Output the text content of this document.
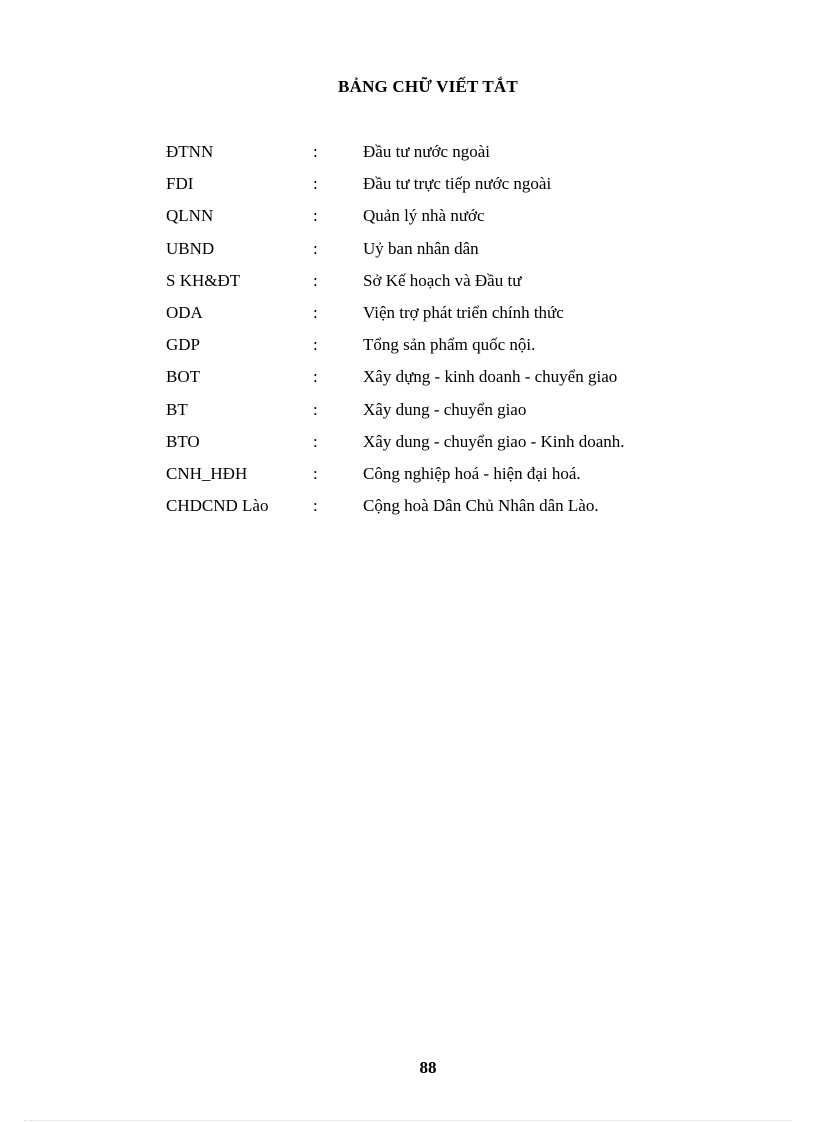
BẢNG CHỮ VIẾT TẮT
ĐTNN	:	Đầu tư nước ngoài
FDI	:	Đầu tư trực tiếp nước ngoài
QLNN	:	Quản lý nhà nước
UBND	:	Uỷ ban nhân dân
S KH&ĐT	:	Sở Kế hoạch và Đầu tư
ODA	:	Viện trợ phát triển chính thức
GDP	:	Tổng sản phẩm quốc nội.
BOT	:	Xây dựng - kinh doanh - chuyển giao
BT	:	Xây dung - chuyển giao
BTO	:	Xây dung - chuyển giao - Kinh doanh.
CNH_HĐH	:	Công nghiệp hoá - hiện đại hoá.
CHDCND Lào	:	Cộng hoà Dân Chủ Nhân dân Lào.
88
